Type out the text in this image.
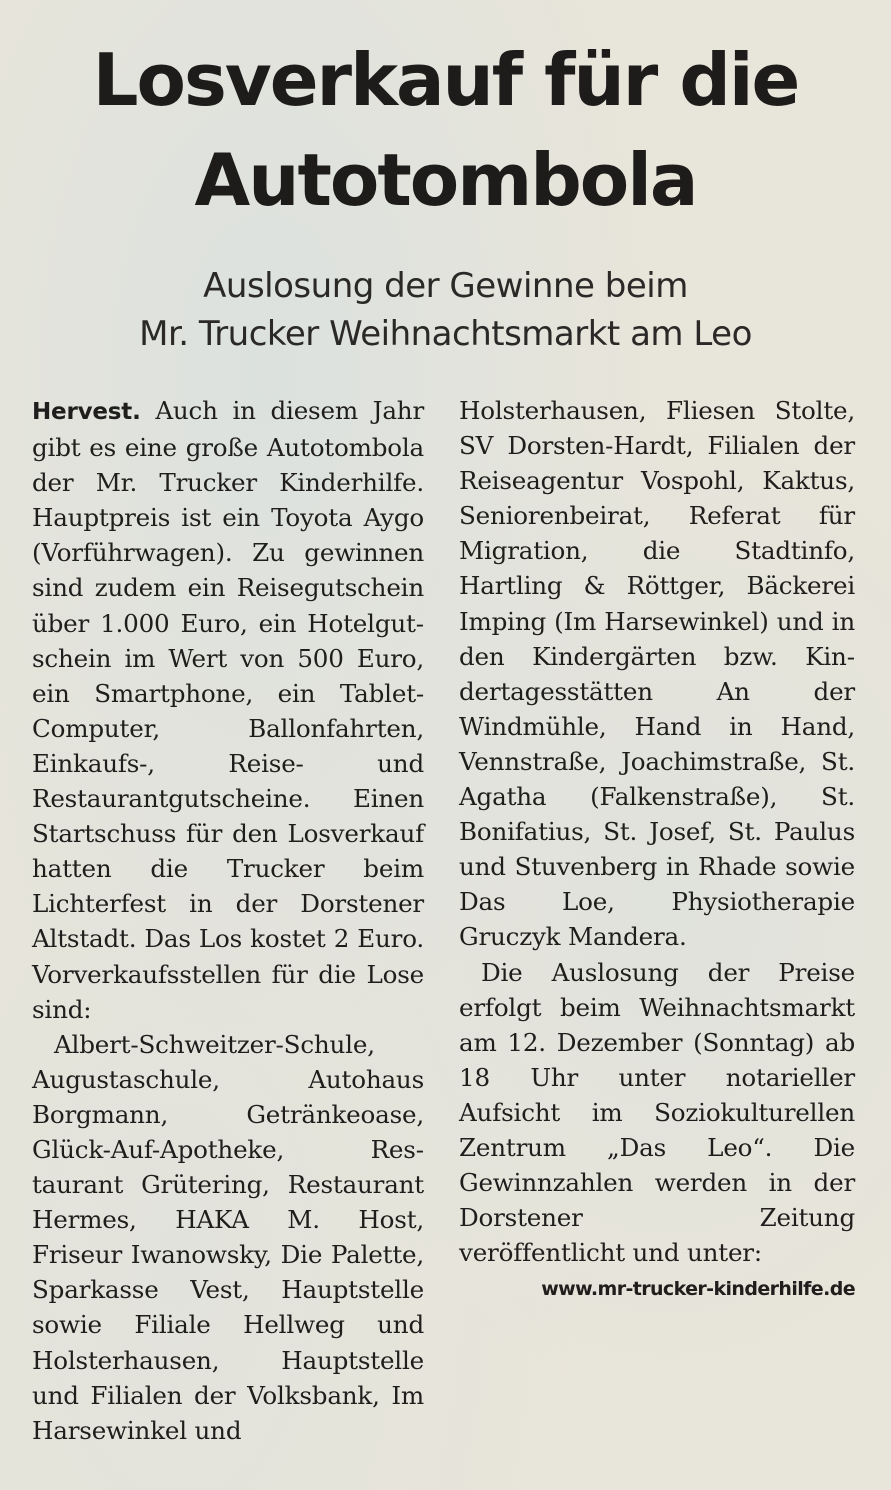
Losverkauf für die
Autotombola
Auslosung der Gewinne beim
Mr. Trucker Weihnachtsmarkt am Leo

Hervest. Auch in diesem Jahr gibt es eine große Autotombola der Mr. Trucker Kinderhilfe. Hauptpreis ist ein Toyota Aygo (Vorführwagen). Zu gewinnen sind zudem ein Reisegutschein über 1.000 Euro, ein Hotelgutschein im Wert von 500 Euro, ein Smartphone, ein Tablet-Computer, Ballonfahrten, Einkaufs-, Reise- und Restaurantgutscheine. Einen Startschuss für den Losverkauf hatten die Trucker beim Lichterfest in der Dorstener Altstadt. Das Los kostet 2 Euro. Vorverkaufsstellen für die Lose sind:

Albert-Schweitzer-Schule, Augustaschule, Autohaus Borgmann, Getränkeoase, Glück-Auf-Apotheke, Restaurant Grütering, Restaurant Hermes, HAKA M. Host, Friseur Iwanowsky, Die Palette, Sparkasse Vest, Hauptstelle sowie Filiale Hellweg und Holsterhausen, Hauptstelle und Filialen der Volksbank, Im Harsewinkel und

Holsterhausen, Fliesen Stolte, SV Dorsten-Hardt, Filialen der Reiseagentur Vospohl, Kaktus, Seniorenbeirat, Referat für Migration, die Stadtinfo, Hartling & Röttger, Bäckerei Imping (Im Harsewinkel) und in den Kindergärten bzw. Kindertagesstätten An der Windmühle, Hand in Hand, Vennstraße, Joachimstraße, St. Agatha (Falkenstraße), St. Bonifatius, St. Josef, St. Paulus und Stuvenberg in Rhade sowie Das Loe, Physiotherapie Gruczyk Mandera.

Die Auslosung der Preise erfolgt beim Weihnachtsmarkt am 12. Dezember (Sonntag) ab 18 Uhr unter notarieller Aufsicht im Soziokulturellen Zentrum „Das Leo“. Die Gewinnzahlen werden in der Dorstener Zeitung veröffentlicht und unter:

www.mr-trucker-kinderhilfe.de
